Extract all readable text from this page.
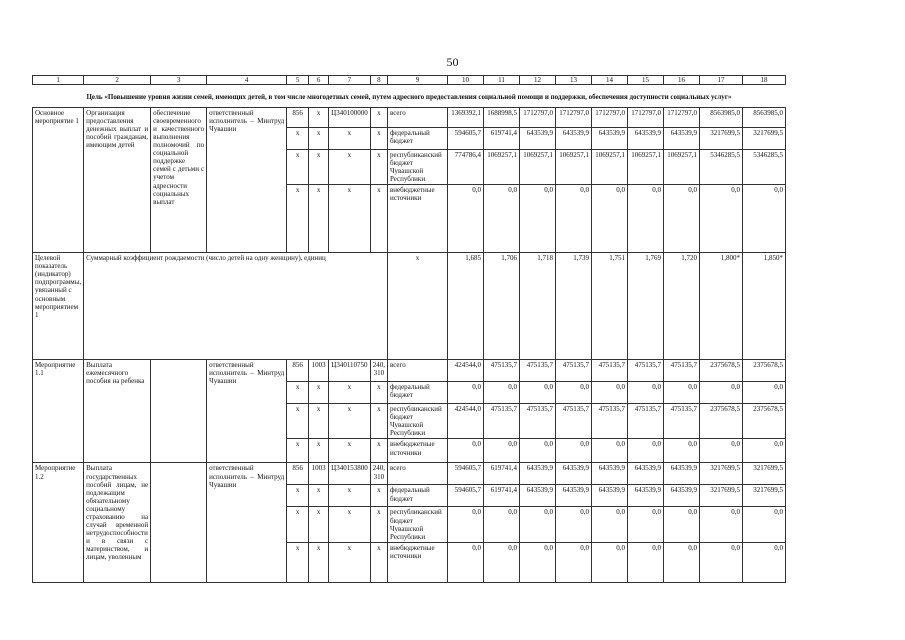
50
1	2	3	4	5	6	7	8	9	10	11	12	13	14	15	16	17	18
Цель «Повышение уровня жизни семей, имеющих детей, в том числе многодетных семей, путем адресного предоставления социальной помощи и поддержки, обеспечения доступности социальных услуг»																	
Основное мероприятие 1	Организация предоставления денежных выплат и пособий гражданам, имеющим детей	обеспечение своевременного и качественного выполнения полномочий по социальной поддержке семей с детьми с учетом адресности социальных выплат	ответственный исполнитель – Минтруд Чувашии	856	x	Ц340100000	x	всего	1369392,1	1688998,5	1712797,0	1712797,0	1712797,0	1712797,0	1712797,0	8563985,0	8563985,0
				x	x	x	x	федеральный бюджет	594605,7	619741,4	643539,9	643539,9	643539,9	643539,9	643539,9	3217699,5	3217699,5
				x	x	x	x	республиканский бюджет Чувашской Республики	774786,4	1069257,1	1069257,1	1069257,1	1069257,1	1069257,1	1069257,1	5346285,5	5346285,5
				x	x	x	x	внебюджетные источники	0,0	0,0	0,0	0,0	0,0	0,0	0,0	0,0	0,0
Целевой показатель (индикатор) подпрограммы, увязанный с основным мероприятием 1	Суммарный коэффициент рождаемости (число детей на одну женщину), единиц							x	1,685	1,706	1,718	1,739	1,751	1,769	1,720	1,800*	1,850*
Мероприятие 1.1	Выплата ежемесячного пособия на ребенка		ответственный исполнитель – Минтруд Чувашии	856	1003	Ц340110750	240, 310	всего	424544,0	475135,7	475135,7	475135,7	475135,7	475135,7	475135,7	2375678,5	2375678,5
				x	x	x	x	федеральный бюджет	0,0	0,0	0,0	0,0	0,0	0,0	0,0	0,0	0,0
				x	x	x	x	республиканский бюджет Чувашской Республики	424544,0	475135,7	475135,7	475135,7	475135,7	475135,7	475135,7	2375678,5	2375678,5
				x	x	x	x	внебюджетные источники	0,0	0,0	0,0	0,0	0,0	0,0	0,0	0,0	0,0
Мероприятие 1.2	Выплата государственных пособий лицам, не подлежащим обязательному социальному страхованию на случай временной нетрудоспособности и в связи с материнством, и лицам, уволенным		ответственный исполнитель – Минтруд Чувашии	856	1003	Ц340153800	240, 310	всего	594605,7	619741,4	643539,9	643539,9	643539,9	643539,9	643539,9	3217699,5	3217699,5
				x	x	x	x	федеральный бюджет	594605,7	619741,4	643539,9	643539,9	643539,9	643539,9	643539,9	3217699,5	3217699,5
				x	x	x	x	республиканский бюджет Чувашской Республики	0,0	0,0	0,0	0,0	0,0	0,0	0,0	0,0	0,0
				x	x	x	x	внебюджетные источники	0,0	0,0	0,0	0,0	0,0	0,0	0,0	0,0	0,0
